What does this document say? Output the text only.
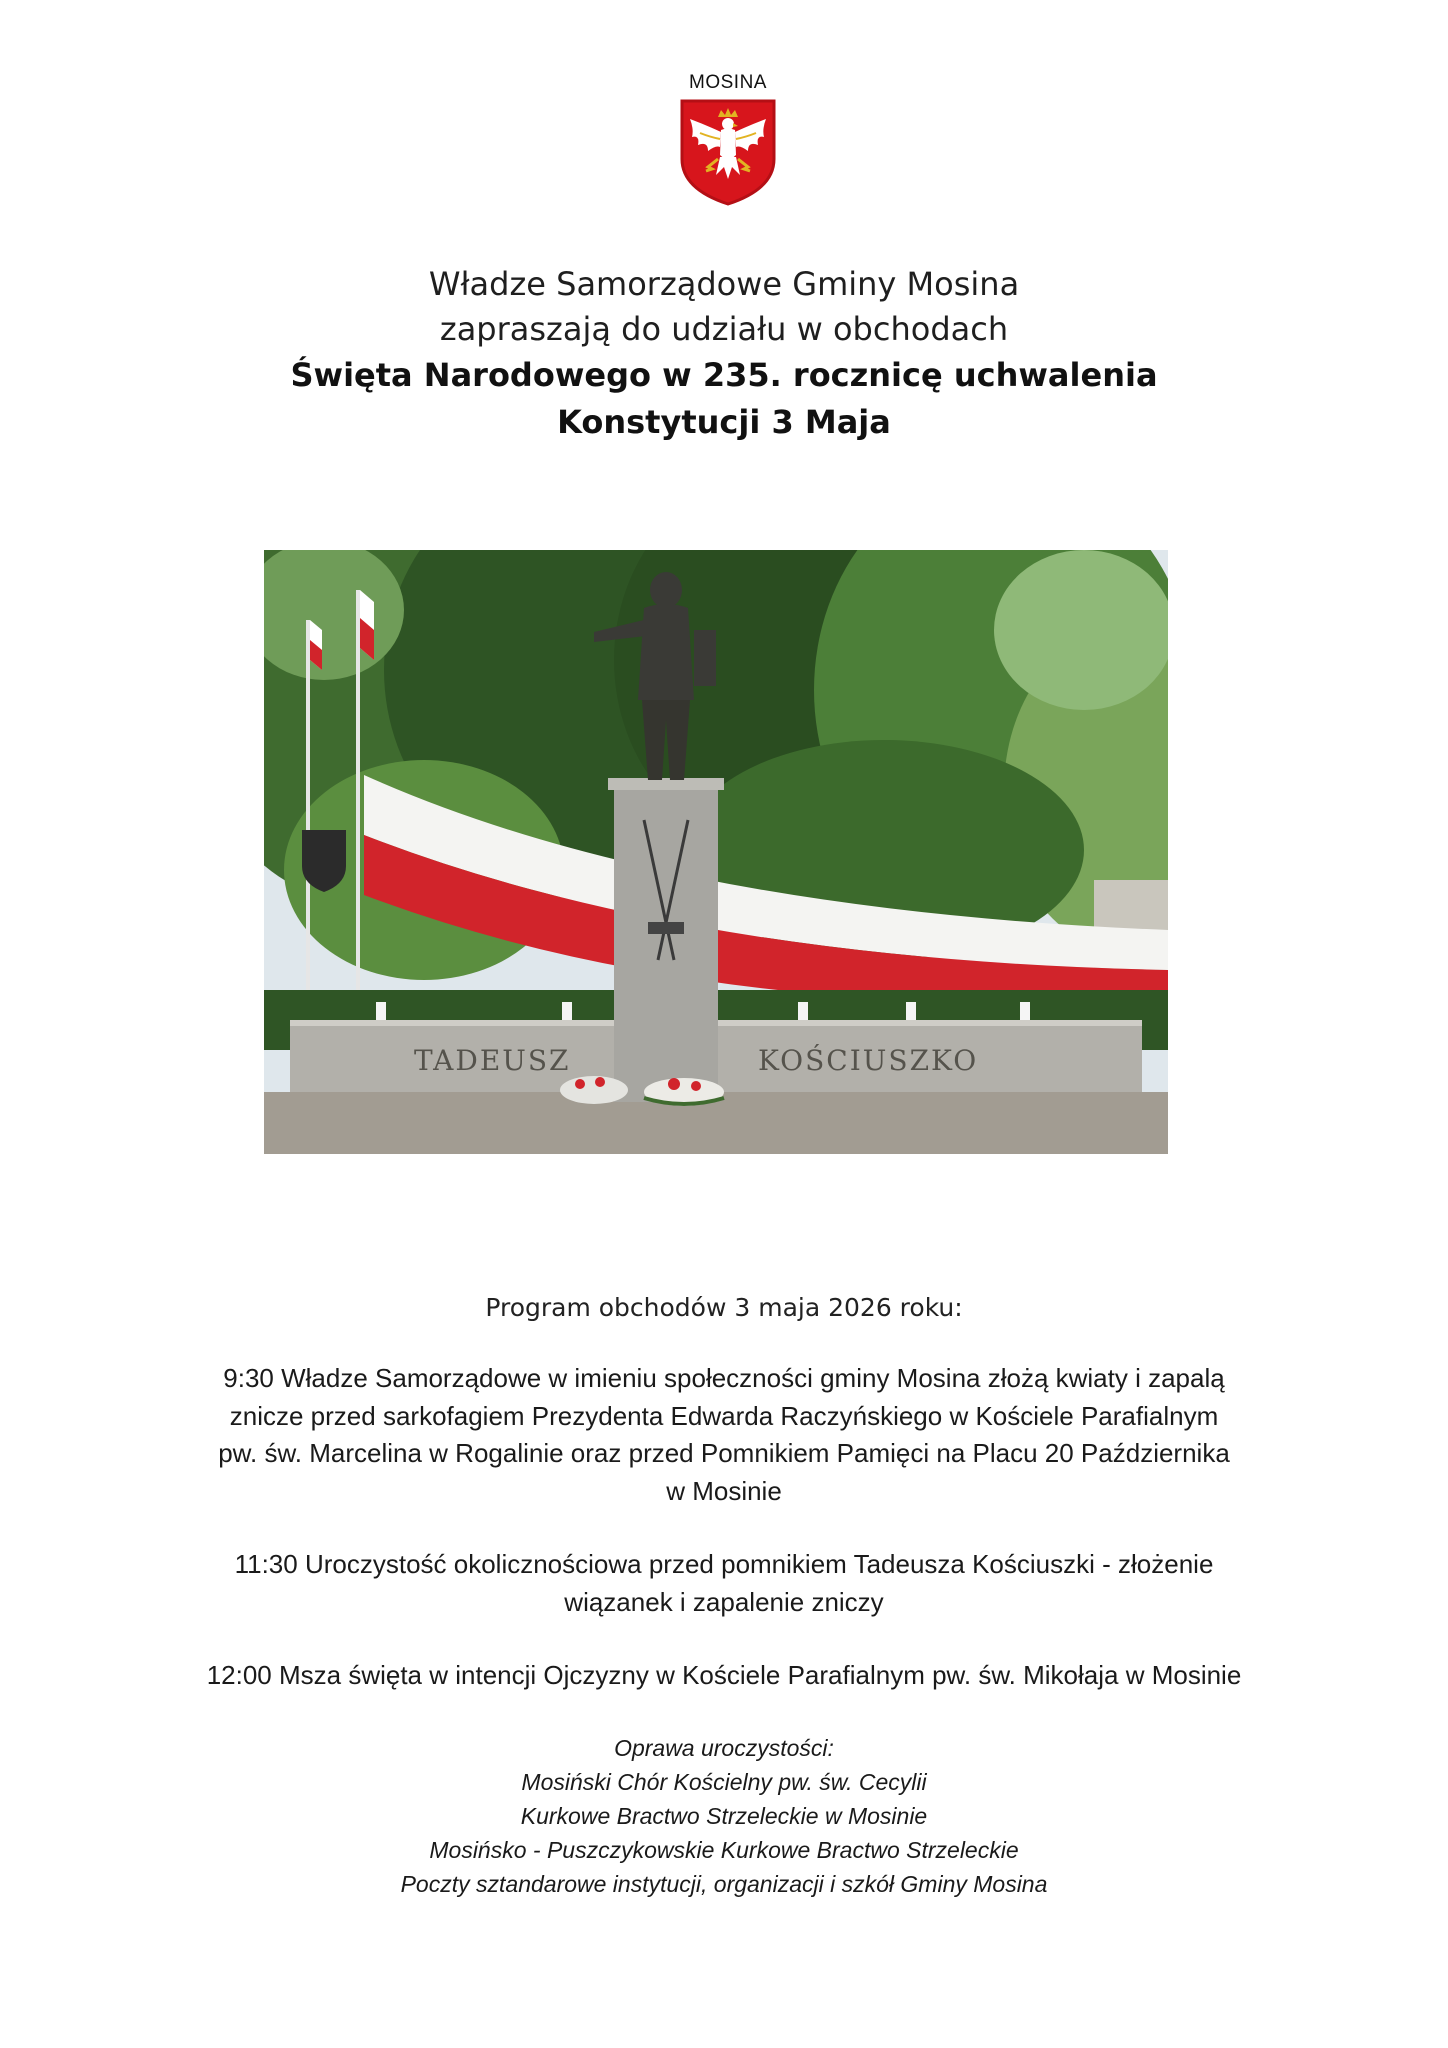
MOSINA
Władze Samorządowe Gminy Mosina
zapraszają do udziału w obchodach
Święta Narodowego w 235. rocznicę uchwalenia
Konstytucji 3 Maja
TADEUSZ	KOŚCIUSZKO
Program obchodów 3 maja 2026 roku:
9:30 Władze Samorządowe w imieniu społeczności gminy Mosina złożą kwiaty i zapalą
znicze przed sarkofagiem Prezydenta Edwarda Raczyńskiego w Kościele Parafialnym
pw. św. Marcelina w Rogalinie oraz przed Pomnikiem Pamięci na Placu 20 Października
w Mosinie
11:30 Uroczystość okolicznościowa przed pomnikiem Tadeusza Kościuszki - złożenie
wiązanek i zapalenie zniczy
12:00 Msza święta w intencji Ojczyzny w Kościele Parafialnym pw. św. Mikołaja w Mosinie
Oprawa uroczystości:
Mosiński Chór Kościelny pw. św. Cecylii
Kurkowe Bractwo Strzeleckie w Mosinie
Mosińsko - Puszczykowskie Kurkowe Bractwo Strzeleckie
Poczty sztandarowe instytucji, organizacji i szkół Gminy Mosina
